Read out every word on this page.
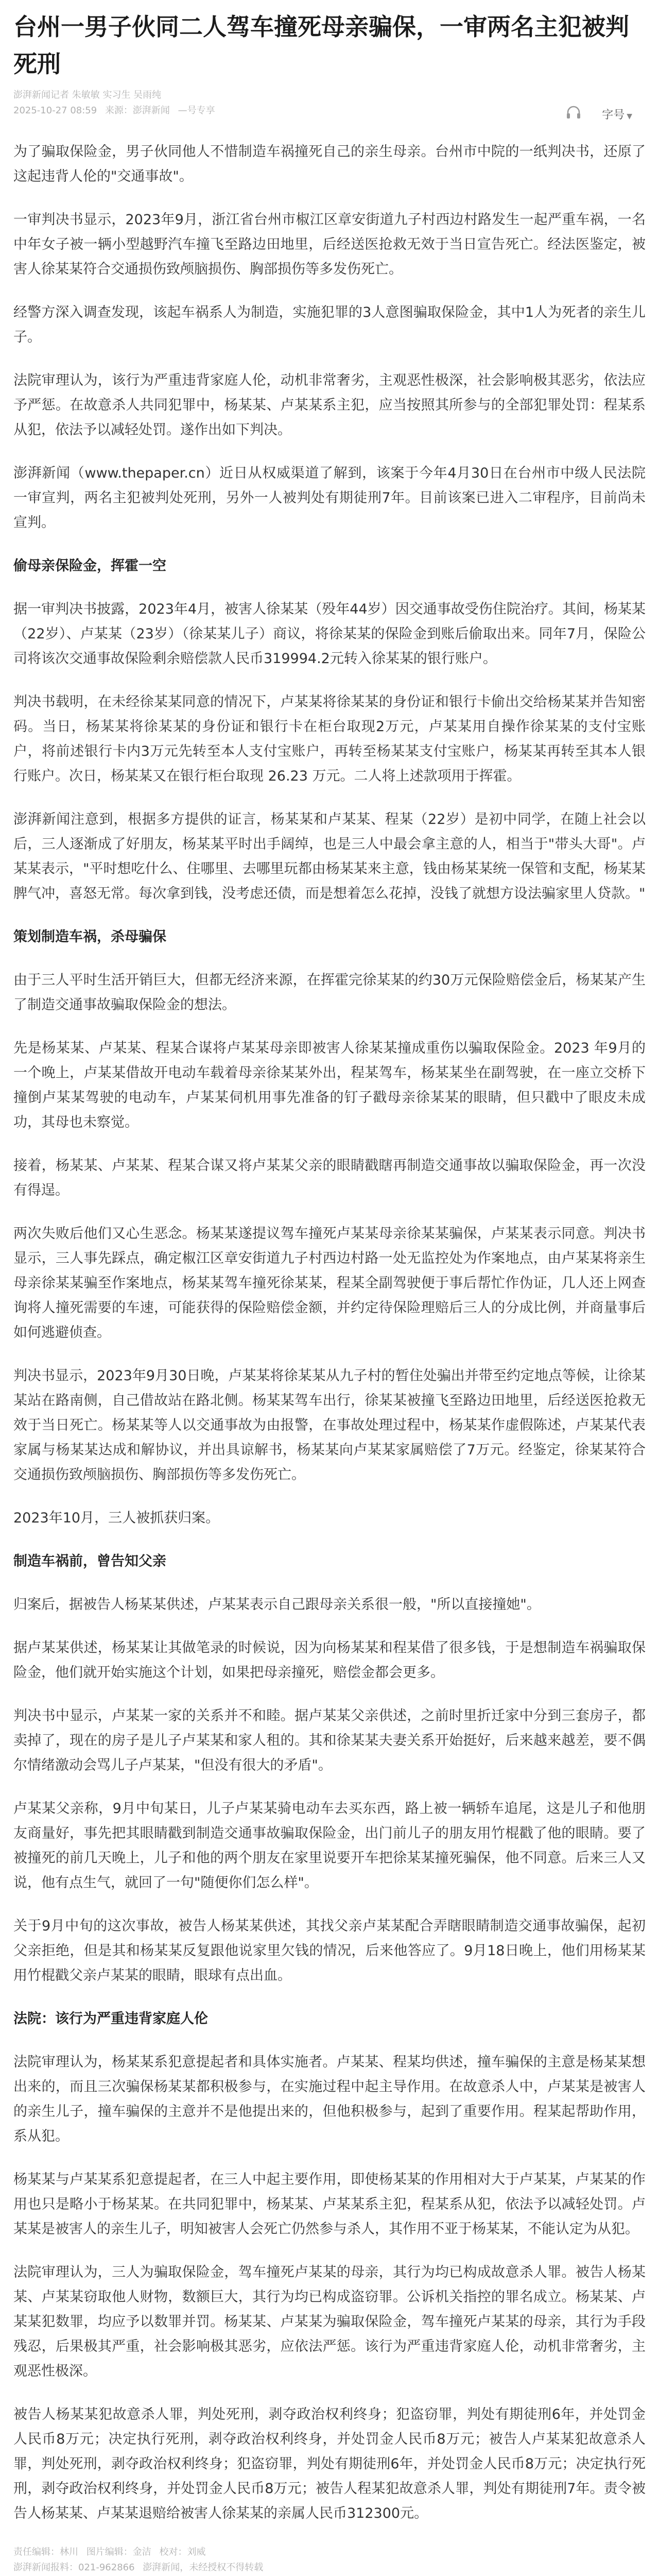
台州一男子伙同二人驾车撞死母亲骗保，一审两名主犯被判死刑
澎湃新闻记者 朱敏敏 实习生 吴雨纯
2025-10-27 08:59 来源：澎湃新闻 —号专享	字号 ▼

为了骗取保险金，男子伙同他人不惜制造车祸撞死自己的亲生母亲。台州市中院的一纸判决书，还原了这起违背人伦的"交通事故"。

一审判决书显示，2023年9月，浙江省台州市椒江区章安街道九子村西边村路发生一起严重车祸，一名中年女子被一辆小型越野汽车撞飞至路边田地里，后经送医抢救无效于当日宣告死亡。经法医鉴定，被害人徐某某符合交通损伤致颅脑损伤、胸部损伤等多发伤死亡。

经警方深入调查发现，该起车祸系人为制造，实施犯罪的3人意图骗取保险金，其中1人为死者的亲生儿子。

法院审理认为，该行为严重违背家庭人伦，动机非常奢劣，主观恶性极深，社会影响极其恶劣，依法应予严惩。在故意杀人共同犯罪中，杨某某、卢某某系主犯，应当按照其所参与的全部犯罪处罚：程某系从犯，依法予以减轻处罚。遂作出如下判决。

澎湃新闻（www.thepaper.cn）近日从权威渠道了解到，该案于今年4月30日在台州市中级人民法院一审宣判，两名主犯被判处死刑，另外一人被判处有期徒刑7年。目前该案已进入二审程序，目前尚未宣判。

偷母亲保险金，挥霍一空

据一审判决书披露，2023年4月，被害人徐某某（殁年44岁）因交通事故受伤住院治疗。其间，杨某某（22岁）、卢某某（23岁）（徐某某儿子）商议，将徐某某的保险金到账后偷取出来。同年7月，保险公司将该次交通事故保险剩余赔偿款人民币319994.2元转入徐某某的银行账户。

判决书载明，在未经徐某某同意的情况下，卢某某将徐某某的身份证和银行卡偷出交给杨某某并告知密码。当日，杨某某将徐某某的身份证和银行卡在柜台取现2万元，卢某某用自操作徐某某的支付宝账户，将前述银行卡内3万元先转至本人支付宝账户，再转至杨某某支付宝账户，杨某某再转至其本人银行账户。次日，杨某某又在银行柜台取现 26.23 万元。二人将上述款项用于挥霍。

澎湃新闻注意到，根据多方提供的证言，杨某某和卢某某、程某（22岁）是初中同学，在随上社会以后，三人逐渐成了好朋友，杨某某平时出手阔绰，也是三人中最会拿主意的人，相当于"带头大哥"。卢某某表示，"平时想吃什么、住哪里、去哪里玩都由杨某某来主意，钱由杨某某统一保管和支配，杨某某脾气冲，喜怒无常。每次拿到钱，没考虑还债，而是想着怎么花掉，没钱了就想方设法骗家里人贷款。"

策划制造车祸，杀母骗保

由于三人平时生活开销巨大，但都无经济来源，在挥霍完徐某某的约30万元保险赔偿金后，杨某某产生了制造交通事故骗取保险金的想法。

先是杨某某、卢某某、程某合谋将卢某某母亲即被害人徐某某撞成重伤以骗取保险金。2023 年9月的一个晚上，卢某某借故开电动车载着母亲徐某某外出，程某驾车，杨某某坐在副驾驶，在一座立交桥下撞倒卢某某驾驶的电动车，卢某某伺机用事先准备的钉子戳母亲徐某某的眼睛，但只戳中了眼皮未成功，其母也未察觉。

接着，杨某某、卢某某、程某合谋又将卢某某父亲的眼睛戳瞎再制造交通事故以骗取保险金，再一次没有得逞。

两次失败后他们又心生恶念。杨某某遂提议驾车撞死卢某某母亲徐某某骗保，卢某某表示同意。判决书显示，三人事先踩点，确定椒江区章安街道九子村西边村路一处无监控处为作案地点，由卢某某将亲生母亲徐某某骗至作案地点，杨某某驾车撞死徐某某，程某全副驾驶便于事后帮忙作伪证，几人还上网查询将人撞死需要的车速，可能获得的保险赔偿金额，并约定待保险理赔后三人的分成比例，并商量事后如何逃避侦查。

判决书显示，2023年9月30日晚，卢某某将徐某某从九子村的暂住处骗出并带至约定地点等候，让徐某某站在路南侧，自己借故站在路北侧。杨某某驾车出行，徐某某被撞飞至路边田地里，后经送医抢救无效于当日死亡。杨某某等人以交通事故为由报警，在事故处理过程中，杨某某作虚假陈述，卢某某代表家属与杨某某达成和解协议，并出具谅解书，杨某某向卢某某家属赔偿了7万元。经鉴定，徐某某符合交通损伤致颅脑损伤、胸部损伤等多发伤死亡。

2023年10月，三人被抓获归案。

制造车祸前，曾告知父亲

归案后，据被告人杨某某供述，卢某某表示自己跟母亲关系很一般，"所以直接撞她"。

据卢某某供述，杨某某让其做笔录的时候说，因为向杨某某和程某借了很多钱，于是想制造车祸骗取保险金，他们就开始实施这个计划，如果把母亲撞死，赔偿金都会更多。

判决书中显示，卢某某一家的关系并不和睦。据卢某某父亲供述，之前时里折迁家中分到三套房子，都卖掉了，现在的房子是儿子卢某某和家人租的。其和徐某某夫妻关系开始挺好，后来越来越差，要不偶尔情绪激动会骂儿子卢某某，"但没有很大的矛盾"。

卢某某父亲称，9月中旬某日，儿子卢某某骑电动车去买东西，路上被一辆轿车追尾，这是儿子和他朋友商量好，事先把其眼睛戳到制造交通事故骗取保险金，出门前儿子的朋友用竹棍戳了他的眼睛。要了被撞死的前几天晚上，儿子和他的两个朋友在家里说要开车把徐某某撞死骗保，他不同意。后来三人又说，他有点生气，就回了一句"随便你们怎么样"。

关于9月中旬的这次事故，被告人杨某某供述，其找父亲卢某某配合弄瞎眼睛制造交通事故骗保，起初父亲拒绝，但是其和杨某某反复跟他说家里欠钱的情况，后来他答应了。9月18日晚上，他们用杨某某用竹棍戳父亲卢某某的眼睛，眼球有点出血。

法院：该行为严重违背家庭人伦

法院审理认为，杨某某系犯意提起者和具体实施者。卢某某、程某均供述，撞车骗保的主意是杨某某想出来的，而且三次骗保杨某某都积极参与，在实施过程中起主导作用。在故意杀人中，卢某某是被害人的亲生儿子，撞车骗保的主意并不是他提出来的，但他积极参与，起到了重要作用。程某起帮助作用，系从犯。

杨某某与卢某某系犯意提起者，在三人中起主要作用，即使杨某某的作用相对大于卢某某，卢某某的作用也只是略小于杨某某。在共同犯罪中，杨某某、卢某某系主犯，程某系从犯，依法予以减轻处罚。卢某某是被害人的亲生儿子，明知被害人会死亡仍然参与杀人，其作用不亚于杨某某，不能认定为从犯。

法院审理认为，三人为骗取保险金，驾车撞死卢某某的母亲，其行为均已构成故意杀人罪。被告人杨某某、卢某某窃取他人财物，数额巨大，其行为均已构成盗窃罪。公诉机关指控的罪名成立。杨某某、卢某某犯数罪，均应予以数罪并罚。杨某某、卢某某为骗取保险金，驾车撞死卢某某的母亲，其行为手段残忍，后果极其严重，社会影响极其恶劣，应依法严惩。该行为严重违背家庭人伦，动机非常奢劣，主观恶性极深。

被告人杨某某犯故意杀人罪，判处死刑，剥夺政治权利终身；犯盗窃罪，判处有期徒刑6年，并处罚金人民币8万元；决定执行死刑，剥夺政治权利终身，并处罚金人民币8万元；被告人卢某某犯故意杀人罪，判处死刑，剥夺政治权利终身；犯盗窃罪，判处有期徒刑6年，并处罚金人民币8万元；决定执行死刑，剥夺政治权利终身，并处罚金人民币8万元；被告人程某犯故意杀人罪，判处有期徒刑7年。责令被告人杨某某、卢某某退赔给被害人徐某某的亲属人民币312300元。

责任编辑：林川 图片编辑：金洁 校对：刘威
澎湃新闻报料：021-962866 澎湃新闻，未经授权不得转载
